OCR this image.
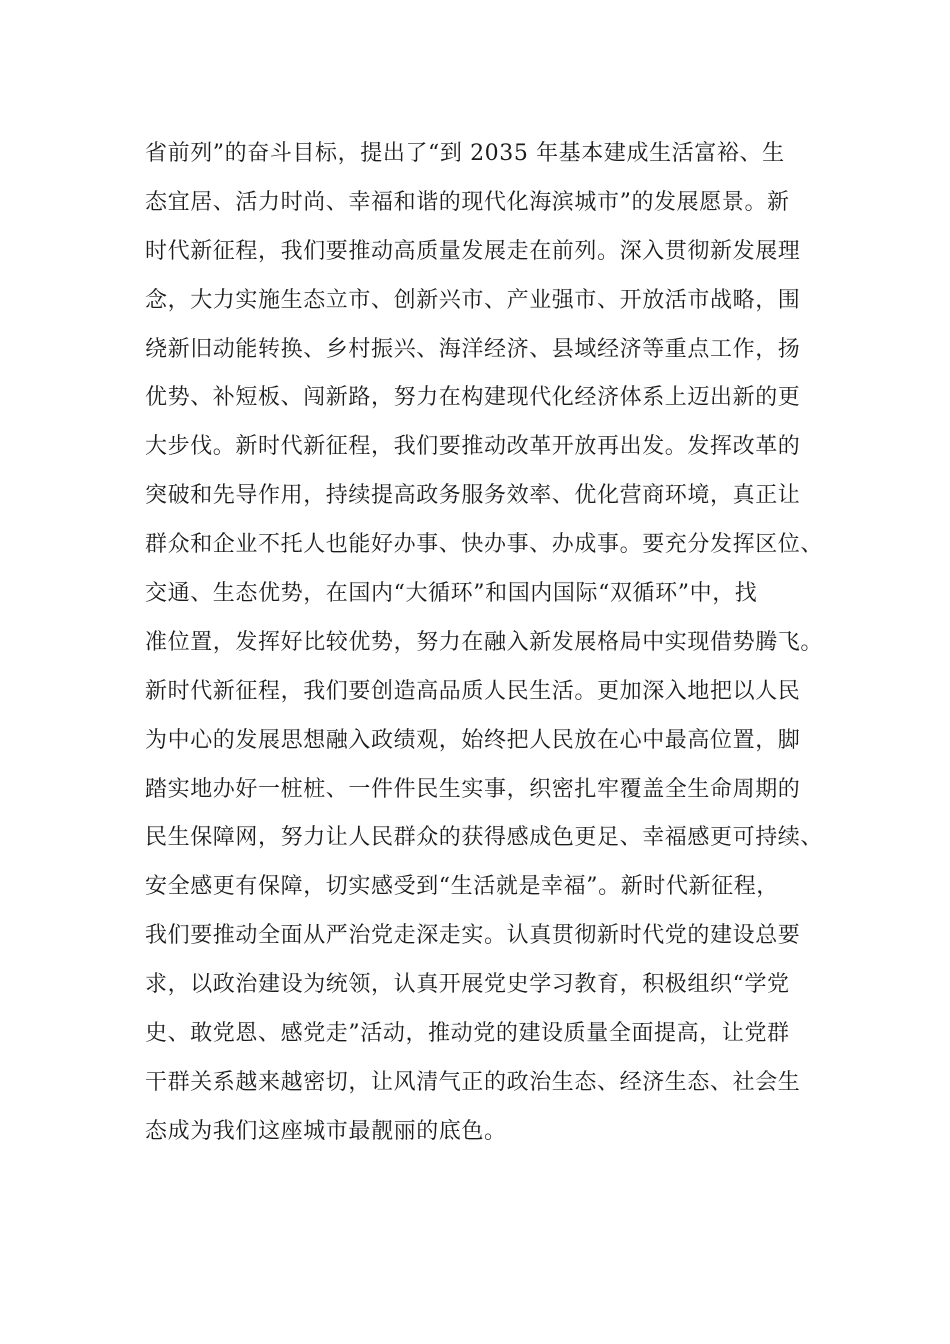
省前列”的奋斗目标，提出了“到 2035 年基本建成生活富裕、生
态宜居、活力时尚、幸福和谐的现代化海滨城市”的发展愿景。新
时代新征程，我们要推动高质量发展走在前列。深入贯彻新发展理
念，大力实施生态立市、创新兴市、产业强市、开放活市战略，围
绕新旧动能转换、乡村振兴、海洋经济、县域经济等重点工作，扬
优势、补短板、闯新路，努力在构建现代化经济体系上迈出新的更
大步伐。新时代新征程，我们要推动改革开放再出发。发挥改革的
突破和先导作用，持续提高政务服务效率、优化营商环境，真正让
群众和企业不托人也能好办事、快办事、办成事。要充分发挥区位、
交通、生态优势，在国内“大循环”和国内国际“双循环”中，找
准位置，发挥好比较优势，努力在融入新发展格局中实现借势腾飞。
新时代新征程，我们要创造高品质人民生活。更加深入地把以人民
为中心的发展思想融入政绩观，始终把人民放在心中最高位置，脚
踏实地办好一桩桩、一件件民生实事，织密扎牢覆盖全生命周期的
民生保障网，努力让人民群众的获得感成色更足、幸福感更可持续、
安全感更有保障，切实感受到“生活就是幸福”。新时代新征程，
我们要推动全面从严治党走深走实。认真贯彻新时代党的建设总要
求，以政治建设为统领，认真开展党史学习教育，积极组织“学党
史、敢党恩、感党走”活动，推动党的建设质量全面提高，让党群
干群关系越来越密切，让风清气正的政治生态、经济生态、社会生
态成为我们这座城市最靓丽的底色。
